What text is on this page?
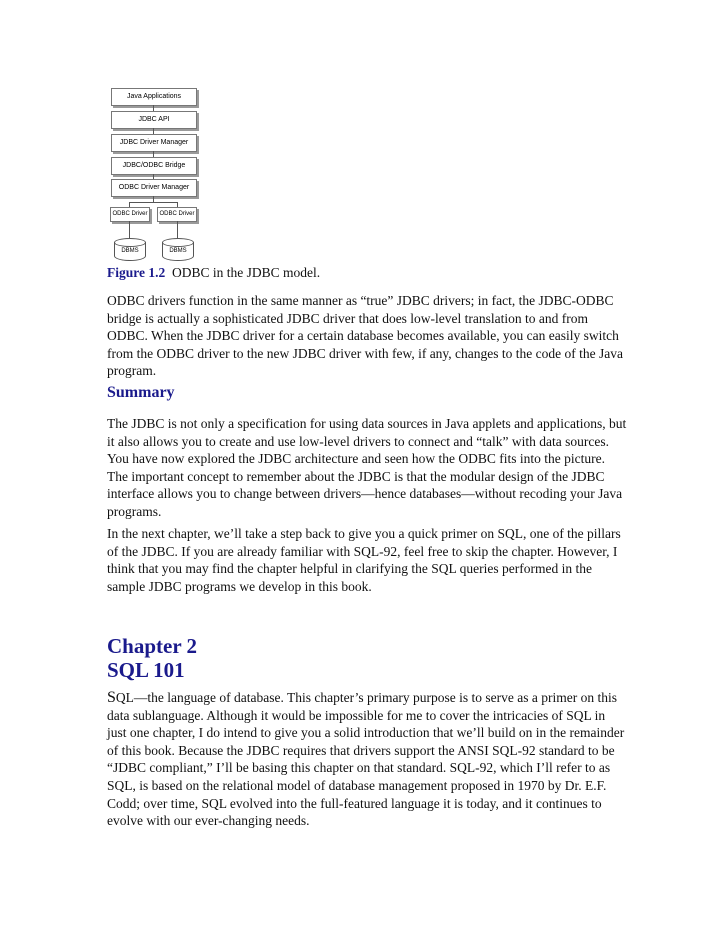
Java Applications
JDBC API
JDBC Driver Manager
JDBC/ODBC Bridge
ODBC Driver Manager
ODBC Driver	ODBC Driver
DBMS	DBMS
Figure 1.2 ODBC in the JDBC model.

ODBC drivers function in the same manner as “true” JDBC drivers; in fact, the JDBC-ODBC bridge is actually a sophisticated JDBC driver that does low-level translation to and from ODBC. When the JDBC driver for a certain database becomes available, you can easily switch from the ODBC driver to the new JDBC driver with few, if any, changes to the code of the Java program.

Summary

The JDBC is not only a specification for using data sources in Java applets and applications, but it also allows you to create and use low-level drivers to connect and “talk” with data sources. You have now explored the JDBC architecture and seen how the ODBC fits into the picture. The important concept to remember about the JDBC is that the modular design of the JDBC interface allows you to change between drivers—hence databases—without recoding your Java programs.

In the next chapter, we’ll take a step back to give you a quick primer on SQL, one of the pillars of the JDBC. If you are already familiar with SQL-92, feel free to skip the chapter. However, I think that you may find the chapter helpful in clarifying the SQL queries performed in the sample JDBC programs we develop in this book.

Chapter 2
SQL 101

SQL—the language of database. This chapter’s primary purpose is to serve as a primer on this data sublanguage. Although it would be impossible for me to cover the intricacies of SQL in just one chapter, I do intend to give you a solid introduction that we’ll build on in the remainder of this book. Because the JDBC requires that drivers support the ANSI SQL-92 standard to be “JDBC compliant,” I’ll be basing this chapter on that standard. SQL-92, which I’ll refer to as SQL, is based on the relational model of database management proposed in 1970 by Dr. E.F. Codd; over time, SQL evolved into the full-featured language it is today, and it continues to evolve with our ever-changing needs.
